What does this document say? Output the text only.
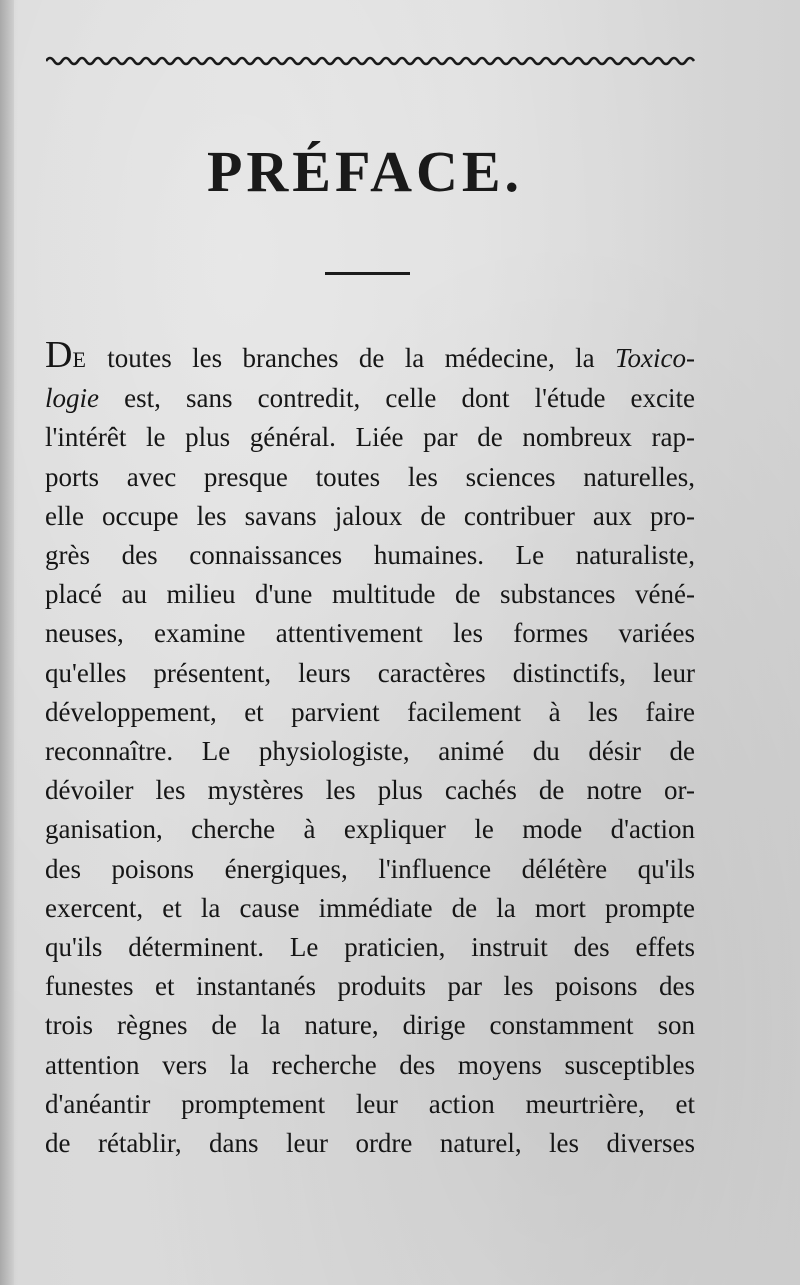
PRÉFACE.
DE toutes les branches de la médecine, la Toxico-
logie est, sans contredit, celle dont l'étude excite
l'intérêt le plus général. Liée par de nombreux rap-
ports avec presque toutes les sciences naturelles,
elle occupe les savans jaloux de contribuer aux pro-
grès des connaissances humaines. Le naturaliste,
placé au milieu d'une multitude de substances véné-
neuses, examine attentivement les formes variées
qu'elles présentent, leurs caractères distinctifs, leur
développement, et parvient facilement à les faire
reconnaître. Le physiologiste, animé du désir de
dévoiler les mystères les plus cachés de notre or-
ganisation, cherche à expliquer le mode d'action
des poisons énergiques, l'influence délétère qu'ils
exercent, et la cause immédiate de la mort prompte
qu'ils déterminent. Le praticien, instruit des effets
funestes et instantanés produits par les poisons des
trois règnes de la nature, dirige constamment son
attention vers la recherche des moyens susceptibles
d'anéantir promptement leur action meurtrière, et
de rétablir, dans leur ordre naturel, les diverses
